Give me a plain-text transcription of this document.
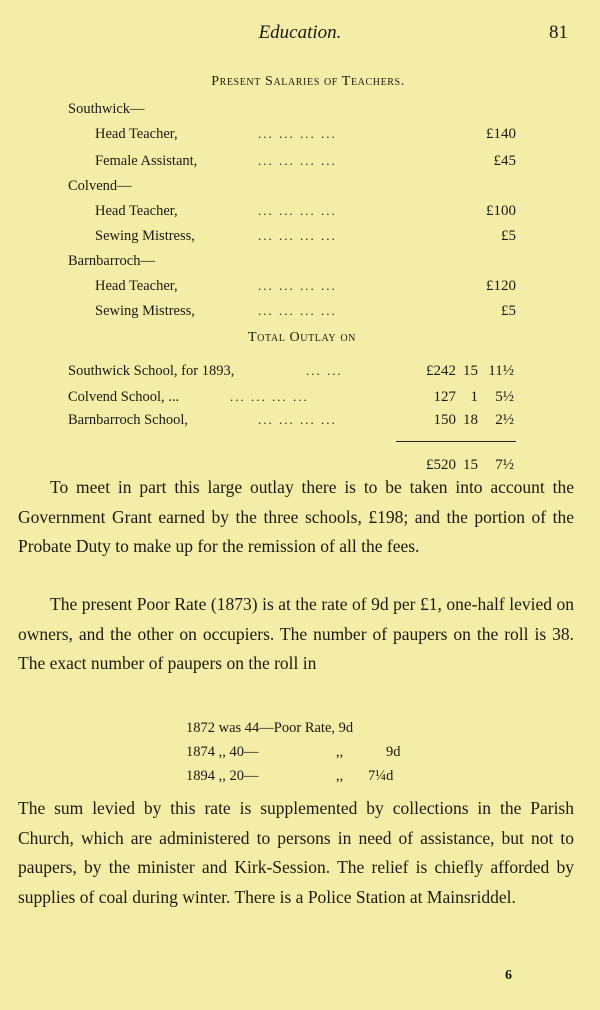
Education.	81
Present Salaries of Teachers.
Southwick—
Head Teacher,	... ... ... ...	£140
Female Assistant,	... ... ... ...	£45
Colvend—
Head Teacher,	... ... ... ...	£100
Sewing Mistress,	... ... ... ...	£5
Barnbarroch—
Head Teacher,	... ... ... ...	£120
Sewing Mistress,	... ... ... ...	£5
Total Outlay on
Southwick School, for 1893,	... ...	£242 15 11½
Colvend School, ...	... ... ... ...	127 1	5½
Barnbarroch School,	... ... ... ...	150 18	2½
£520 15	7½
To meet in part this large outlay there is to be taken into account the Government Grant earned by the three schools, £198; and the portion of the Probate Duty to make up for the remission of all the fees.
The present Poor Rate (1873) is at the rate of 9d per £1, one-half levied on owners, and the other on occupiers. The number of paupers on the roll is 38. The exact number of paupers on the roll in
1872 was 44—Poor Rate, 9d
1874 ,, 40—	,,	9d
1894 ,, 20—	,, 7¼d
The sum levied by this rate is supplemented by collections in the Parish Church, which are administered to persons in need of assistance, but not to paupers, by the minister and Kirk-Session. The relief is chiefly afforded by supplies of coal during winter. There is a Police Station at Mainsriddel.
6
